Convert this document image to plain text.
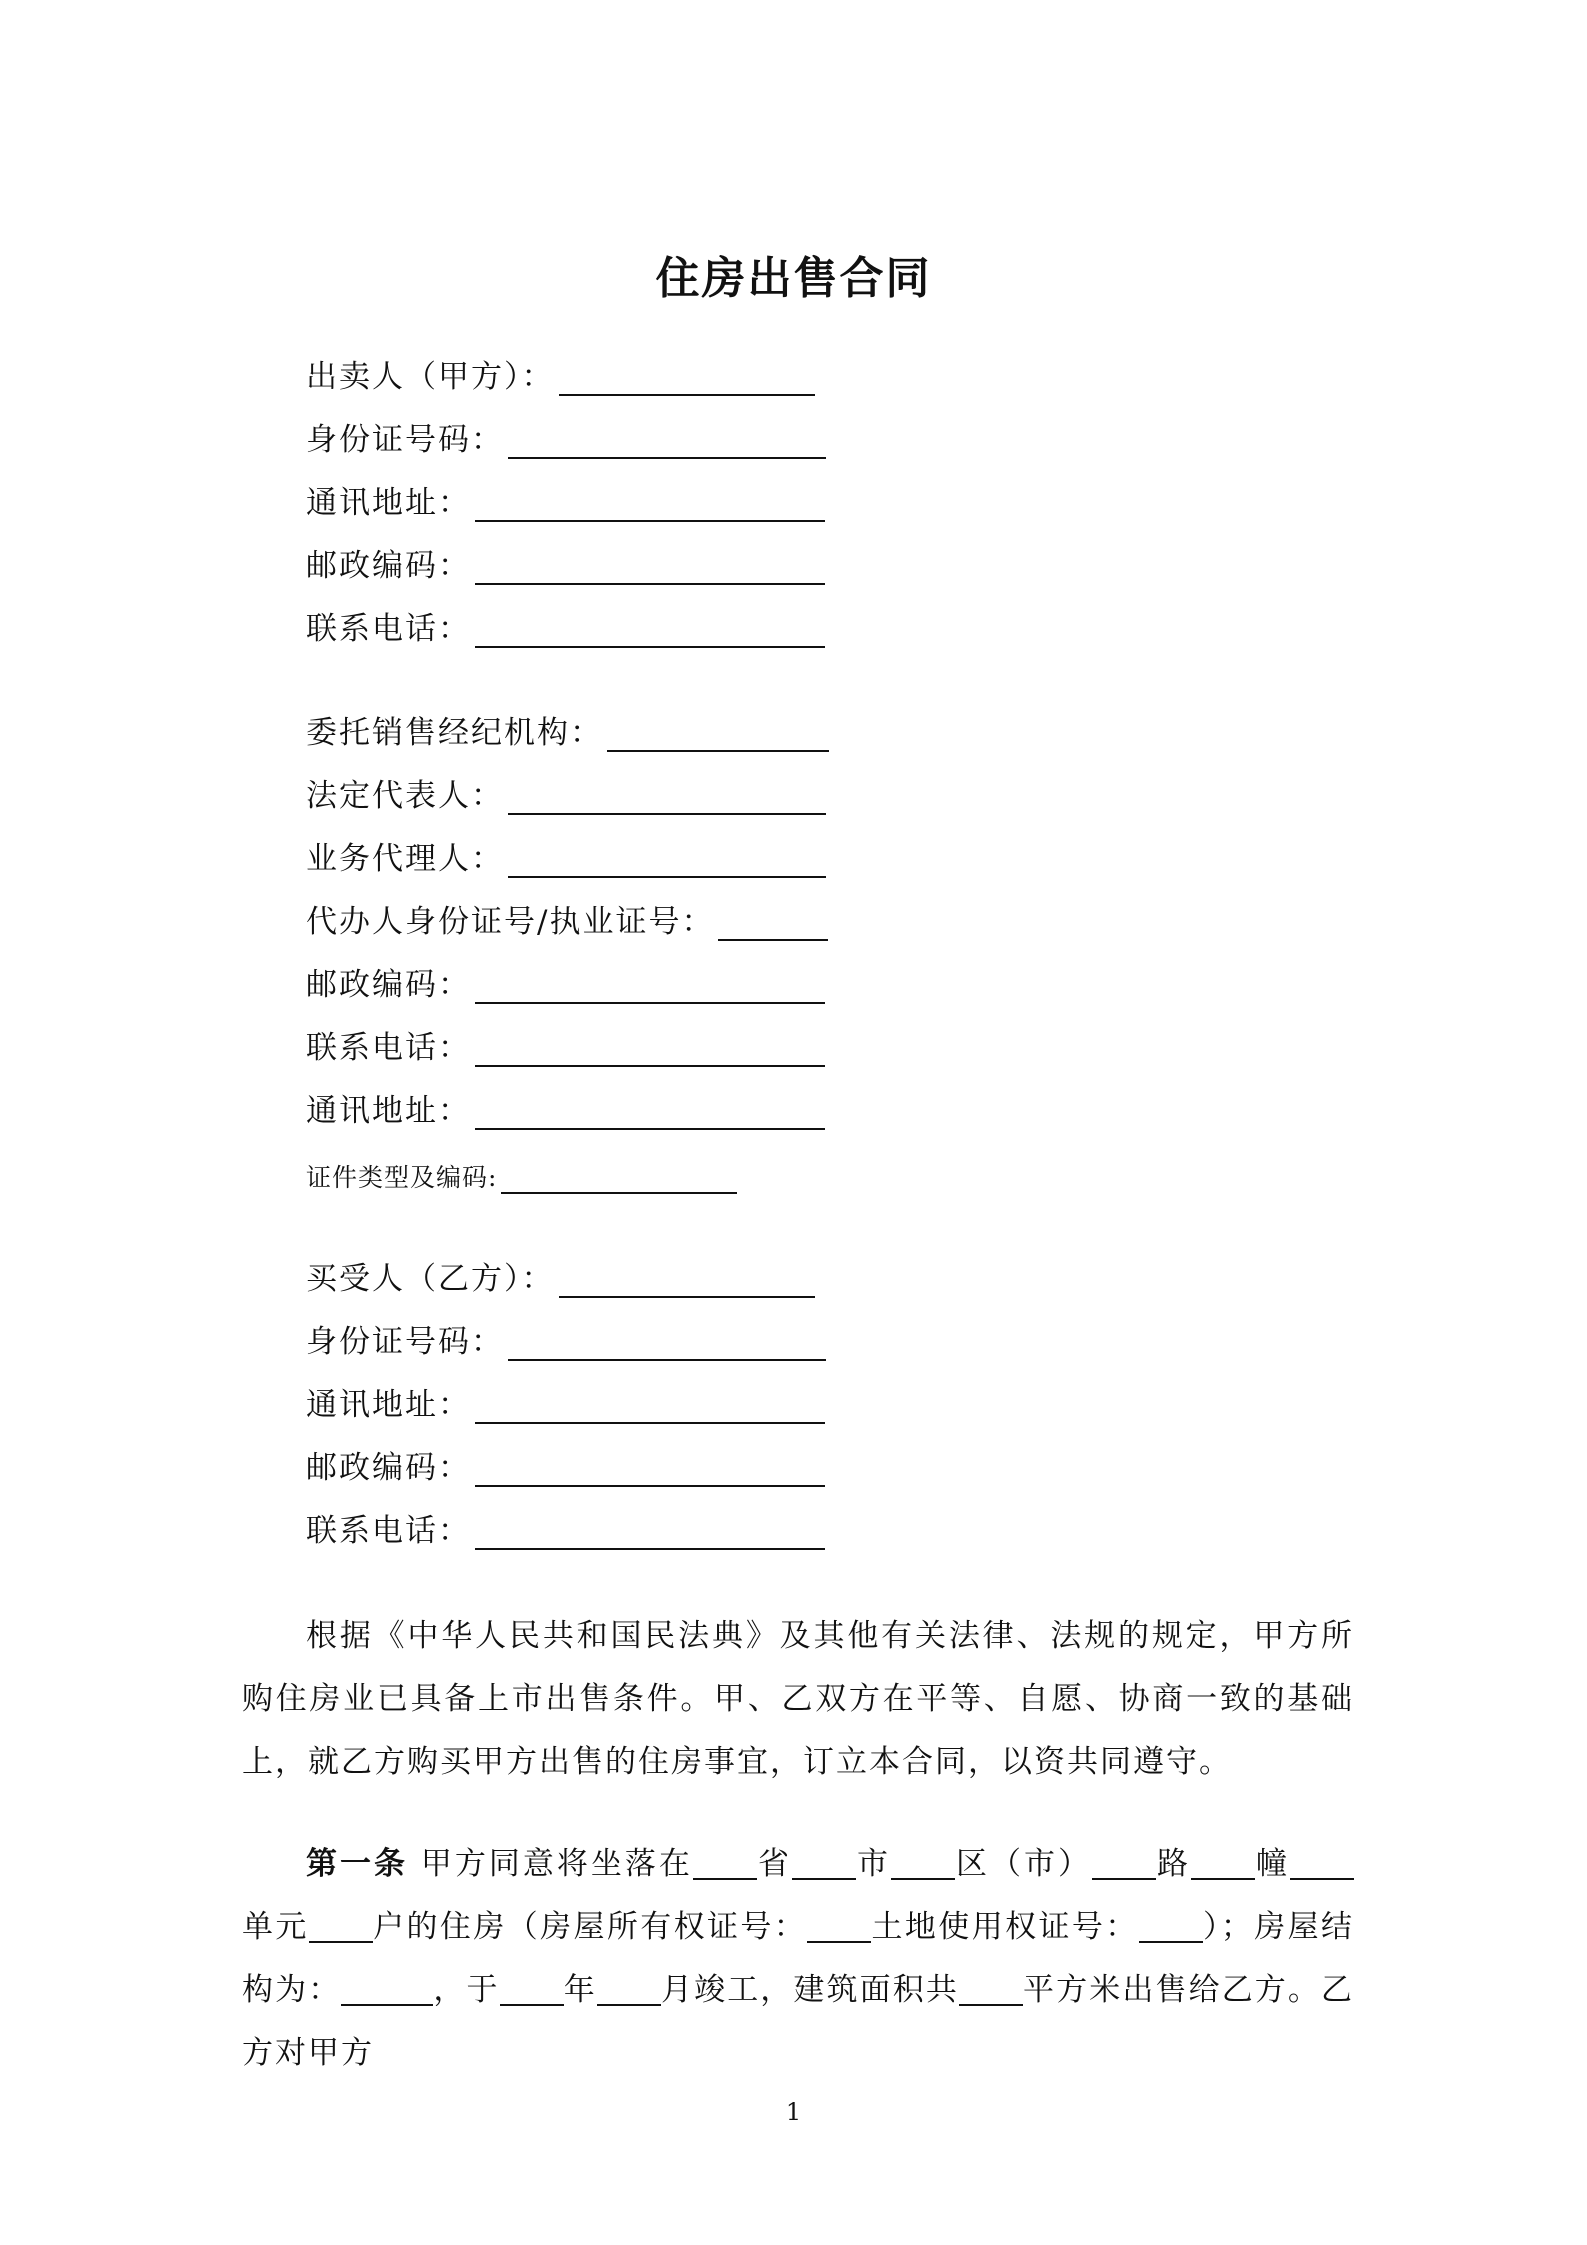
住房出售合同
出卖人（甲方）：
身份证号码：
通讯地址：
邮政编码：
联系电话：
委托销售经纪机构：
法定代表人：
业务代理人：
代办人身份证号/执业证号：
邮政编码：
联系电话：
通讯地址：
证件类型及编码:
买受人（乙方）：
身份证号码：
通讯地址：
邮政编码：
联系电话：

根据《中华人民共和国民法典》及其他有关法律、法规的规定，甲方所购住房业已具备上市出售条件。甲、乙双方在平等、自愿、协商一致的基础上，就乙方购买甲方出售的住房事宜，订立本合同，以资共同遵守。

第一条 甲方同意将坐落在 省 市 区（市） 路 幢单元 户的住房（房屋所有权证号： 土地使用权证号： ）；房屋结构为：	，于 年 月竣工，建筑面积共 平方米出售给乙方。乙方对甲方

1
